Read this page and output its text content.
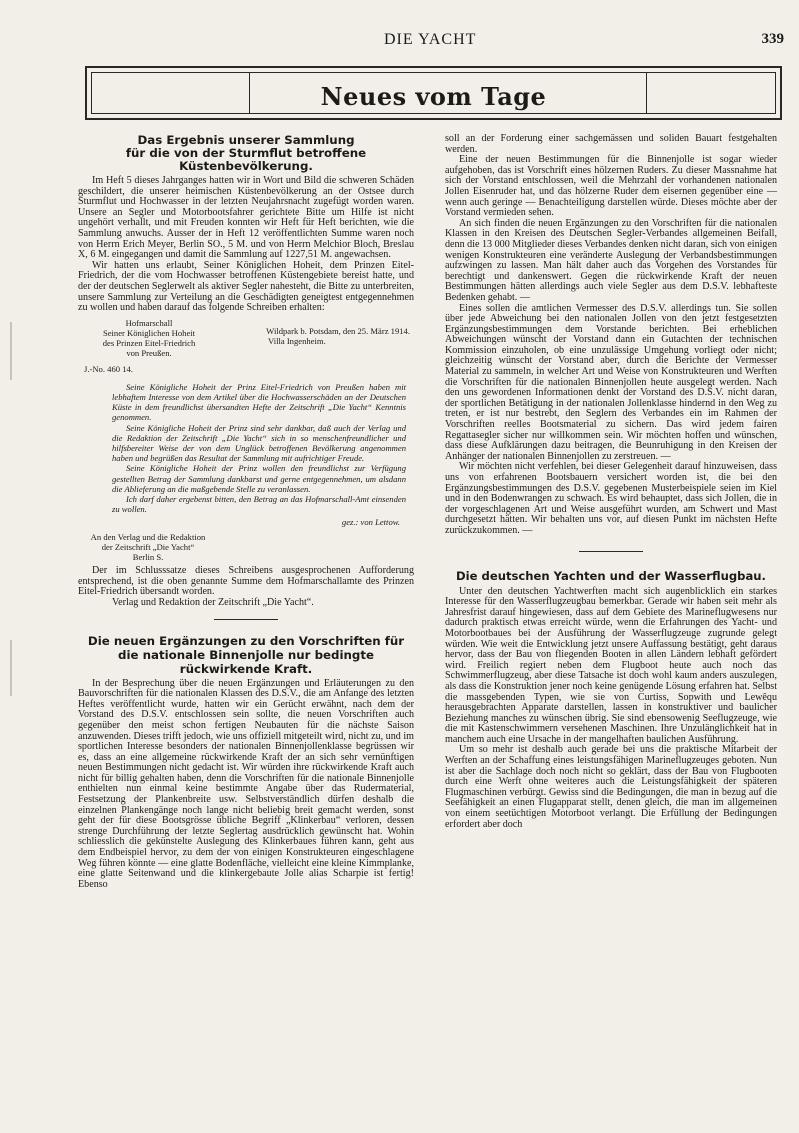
DIE YACHT	339
Neues vom Tage
Das Ergebnis unserer Sammlung
für die von der Sturmflut betroffene Küstenbevölkerung.

Im Heft 5 dieses Jahrganges hatten wir in Wort und Bild die schweren Schäden geschildert, die unserer heimischen Küstenbevölkerung an der Ostsee durch Sturmflut und Hochwasser in der letzten Neujahrsnacht zugefügt worden waren. Unsere an Segler und Motorbootsfahrer gerichtete Bitte um Hilfe ist nicht ungehört verhallt, und mit Freuden konnten wir Heft für Heft berichten, wie die Sammlung anwuchs. Ausser der in Heft 12 veröffentlichten Summe waren noch von Herrn Erich Meyer, Berlin SO., 5 M. und von Herrn Melchior Bloch, Breslau X, 6 M. eingegangen und damit die Sammlung auf 1227,51 M. angewachsen.

Wir hatten uns erlaubt, Seiner Königlichen Hoheit, dem Prinzen Eitel-Friedrich, der die vom Hochwasser betroffenen Küstengebiete bereist hatte, und der der deutschen Seglerwelt als aktiver Segler nahesteht, die Bitte zu unterbreiten, unsere Sammlung zur Verteilung an die Geschädigten geneigtest entgegennehmen zu wollen und haben darauf das folgende Schreiben erhalten:

Hofmarschall
Seiner Königlichen Hoheit
des Prinzen Eitel-Friedrich
von Preußen.
Wildpark b. Potsdam, den 25. März 1914.
Villa Ingenheim.
J.-No. 460 14.

Seine Königliche Hoheit der Prinz Eitel-Friedrich von Preußen haben mit lebhaftem Interesse von dem Artikel über die Hochwasserschäden an der Deutschen Küste in dem freundlichst übersandten Hefte der Zeitschrift „Die Yacht“ Kenntnis genommen.

Seine Königliche Hoheit der Prinz sind sehr dankbar, daß auch der Verlag und die Redaktion der Zeitschrift „Die Yacht“ sich in so menschenfreundlicher und hilfsbereiter Weise der von dem Unglück betroffenen Bevölkerung angenommen haben und begrüßen das Resultat der Sammlung mit aufrichtiger Freude.

Seine Königliche Hoheit der Prinz wollen den freundlichst zur Verfügung gestellten Betrag der Sammlung dankbarst und gerne entgegennehmen, um alsdann die Ablieferung an die maßgebende Stelle zu veranlassen.

Ich darf daher ergebenst bitten, den Betrag an das Hofmarschall-Amt einsenden zu wollen.

gez.: von Lettow.
An den Verlag und die Redaktion
der Zeitschrift „Die Yacht“
Berlin S.

Der im Schlusssatze dieses Schreibens ausgesprochenen Aufforderung entsprechend, ist die oben genannte Summe dem Hofmarschallamte des Prinzen Eitel-Friedrich übersandt worden.

Verlag und Redaktion der Zeitschrift „Die Yacht“.

Die neuen Ergänzungen zu den Vorschriften für die nationale Binnenjolle nur bedingte rückwirkende Kraft.

In der Besprechung über die neuen Ergänzungen und Erläuterungen zu den Bauvorschriften für die nationalen Klassen des D.S.V., die am Anfange des letzten Heftes veröffentlicht wurde, hatten wir ein Gerücht erwähnt, nach dem der Vorstand des D.S.V. entschlossen sein sollte, die neuen Vorschriften auch gegenüber den meist schon fertigen Neubauten für die nächste Saison anzuwenden. Dieses trifft jedoch, wie uns offiziell mitgeteilt wird, nicht zu, und im sportlichen Interesse besonders der nationalen Binnenjollenklasse begrüssen wir es, dass an eine allgemeine rückwirkende Kraft der an sich sehr vernünftigen neuen Bestimmungen nicht gedacht ist. Wir würden ihre rückwirkende Kraft auch nicht für billig gehalten haben, denn die Vorschriften für die nationale Binnenjolle enthielten nun einmal keine bestimmte Angabe über das Rudermaterial, Festsetzung der Plankenbreite usw. Selbstverständlich dürfen deshalb die einzelnen Plankengänge noch lange nicht beliebig breit gemacht werden, sonst geht der für diese Bootsgrösse übliche Begriff „Klinkerbau“ verloren, dessen strenge Durchführung der letzte Seglertag ausdrücklich gewünscht hat. Wohin schliesslich die gekünstelte Auslegung des Klinkerbaues führen kann, geht aus dem Endbeispiel hervor, zu dem der von einigen Konstrukteuren eingeschlagene Weg führen könnte — eine glatte Bodenfläche, vielleicht eine kleine Kimmplanke, eine glatte Seitenwand und die klinkergebaute Jolle alias Scharpie ist fertig! Ebenso

soll an der Forderung einer sachgemässen und soliden Bauart festgehalten werden.

Eine der neuen Bestimmungen für die Binnenjolle ist sogar wieder aufgehoben, das ist Vorschrift eines hölzernen Ruders. Zu dieser Massnahme hat sich der Vorstand entschlossen, weil die Mehrzahl der vorhandenen nationalen Jollen Eisenruder hat, und das hölzerne Ruder dem eisernen gegenüber eine — wenn auch geringe — Benachteiligung darstellen würde. Dieses möchte aber der Vorstand vermieden sehen.

An sich finden die neuen Ergänzungen zu den Vorschriften für die nationalen Klassen in den Kreisen des Deutschen Segler-Verbandes allgemeinen Beifall, denn die 13 000 Mitglieder dieses Verbandes denken nicht daran, sich von einigen wenigen Konstrukteuren eine veränderte Auslegung der Verbandsbestimmungen aufzwingen zu lassen. Man hält daher auch das Vorgehen des Vorstandes für berechtigt und dankenswert. Gegen die rückwirkende Kraft der neuen Bestimmungen hätten allerdings auch viele Segler aus dem D.S.V. lebhafteste Bedenken gehabt. —

Eines sollen die amtlichen Vermesser des D.S.V. allerdings tun. Sie sollen über jede Abweichung bei den nationalen Jollen von den jetzt festgesetzten Ergänzungsbestimmungen dem Vorstande berichten. Bei erheblichen Abweichungen wünscht der Vorstand dann ein Gutachten der technischen Kommission einzuholen, ob eine unzulässige Umgehung vorliegt oder nicht; gleichzeitig wünscht der Vorstand aber, durch die Berichte der Vermesser Material zu sammeln, in welcher Art und Weise von Konstrukteuren und Werften die Vorschriften für die nationalen Binnenjollen heute ausgelegt werden. Nach den uns gewordenen Informationen denkt der Vorstand des D.S.V. nicht daran, der sportlichen Betätigung in der nationalen Jollenklasse hindernd in den Weg zu treten, er ist nur bestrebt, den Seglern des Verbandes ein im Rahmen der Vorschriften reelles Bootsmaterial zu sichern. Das wird jedem fairen Regattasegler sicher nur willkommen sein. Wir möchten hoffen und wünschen, dass diese Aufklärungen dazu beitragen, die Beunruhigung in den Kreisen der Anhänger der nationalen Binnenjollen zu zerstreuen. —

Wir möchten nicht verfehlen, bei dieser Gelegenheit darauf hinzuweisen, dass uns von erfahrenen Bootsbauern versichert worden ist, die bei den Ergänzungsbestimmungen des D.S.V. gegebenen Musterbeispiele seien im Kiel und in den Bodenwrangen zu schwach. Es wird behauptet, dass sich Jollen, die in der vorgeschlagenen Art und Weise ausgeführt wurden, am Schwert und Mast durchgesetzt hätten. Wir behalten uns vor, auf diesen Punkt im nächsten Hefte zurückzukommen. —

Die deutschen Yachten und der Wasserflugbau.

Unter den deutschen Yachtwerften macht sich augenblicklich ein starkes Interesse für den Wasserflugzeugbau bemerkbar. Gerade wir haben seit mehr als Jahresfrist darauf hingewiesen, dass auf dem Gebiete des Marineflugwesens nur dadurch praktisch etwas erreicht würde, wenn die Erfahrungen des Yacht- und Motorbootbaues bei der Ausführung der Wasserflugzeuge zugrunde gelegt würden. Wie weit die Entwicklung jetzt unsere Auffassung bestätigt, geht daraus hervor, dass der Bau von fliegenden Booten in allen Ländern lebhaft gefördert wird. Freilich regiert neben dem Flugboot heute auch noch das Schwimmerflugzeug, aber diese Tatsache ist doch wohl kaum anders auszulegen, als dass die Konstruktion jener noch keine genügende Lösung erfahren hat. Selbst die massgebenden Typen, wie sie von Curtiss, Sopwith und Lewêqu herausgebrachten Apparate darstellen, lassen in konstruktiver und baulicher Beziehung manches zu wünschen übrig. Sie sind ebensowenig Seeflugzeuge, wie die mit Kastenschwimmern versehenen Maschinen. Ihre Unzulänglichkeit hat in manchem auch eine Ursache in der mangelhaften baulichen Ausführung.

Um so mehr ist deshalb auch gerade bei uns die praktische Mitarbeit der Werften an der Schaffung eines leistungsfähigen Marineflugzeuges geboten. Nun ist aber die Sachlage doch noch nicht so geklärt, dass der Bau von Flugbooten durch eine Werft ohne weiteres auch die Leistungsfähigkeit der späteren Flugmaschinen verbürgt. Gewiss sind die Bedingungen, die man in bezug auf die Seefähigkeit an einen Flugapparat stellt, denen gleich, die man im allgemeinen von einem seetüchtigen Motorboot verlangt. Die Erfüllung der Bedingungen erfordert aber doch
